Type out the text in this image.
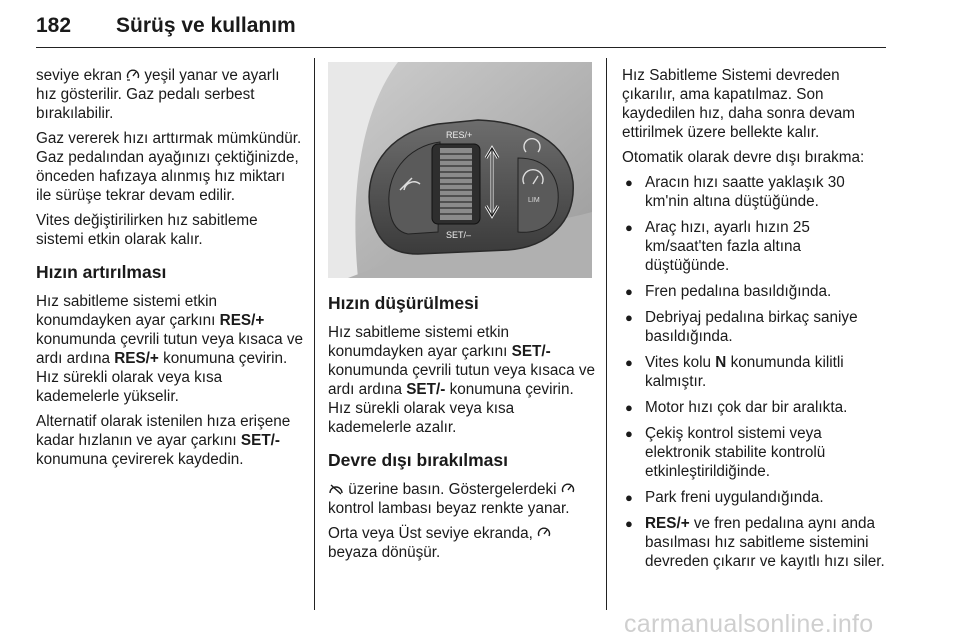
182 Sürüş ve kullanım

seviye ekran  yeşil yanar ve ayarlı hız gösterilir. Gaz pedalı serbest bırakılabilir.

Gaz vererek hızı arttırmak mümkündür. Gaz pedalından ayağınızı çektiğinizde, önceden hafızaya alınmış hız miktarı ile sürüşe tekrar devam edilir.

Vites değiştirilirken hız sabitleme sistemi etkin olarak kalır.

Hızın artırılması

Hız sabitleme sistemi etkin konumdayken ayar çarkını RES/+ konumunda çevrili tutun veya kısaca ve ardı ardına RES/+ konumuna çevirin. Hız sürekli olarak veya kısa kademelerle yükselir.

Alternatif olarak istenilen hıza erişene kadar hızlanın ve ayar çarkını SET/- konumuna çevirerek kaydedin.

RES/+
SET/–
LIM
Hızın düşürülmesi

Hız sabitleme sistemi etkin konumdayken ayar çarkını SET/- konumunda çevrili tutun veya kısaca ve ardı ardına SET/- konumuna çevirin. Hız sürekli olarak veya kısa kademelerle azalır.

Devre dışı bırakılması

üzerine basın. Göstergelerdeki  kontrol lambası beyaz renkte yanar.

Orta veya Üst seviye ekranda,  beyaza dönüşür.

Hız Sabitleme Sistemi devreden çıkarılır, ama kapatılmaz. Son kaydedilen hız, daha sonra devam ettirilmek üzere bellekte kalır.

Otomatik olarak devre dışı bırakma:

● Aracın hızı saatte yaklaşık 30 km'nin altına düştüğünde.
● Araç hızı, ayarlı hızın 25 km/saat'ten fazla altına düştüğünde.
● Fren pedalına basıldığında.
● Debriyaj pedalına birkaç saniye basıldığında.
● Vites kolu N konumunda kilitli kalmıştır.
● Motor hızı çok dar bir aralıkta.
● Çekiş kontrol sistemi veya elektronik stabilite kontrolü etkinleştirildiğinde.
● Park freni uygulandığında.
● RES/+ ve fren pedalına aynı anda basılması hız sabitleme sistemini devreden çıkarır ve kayıtlı hızı siler.
carmanualsonline.info
